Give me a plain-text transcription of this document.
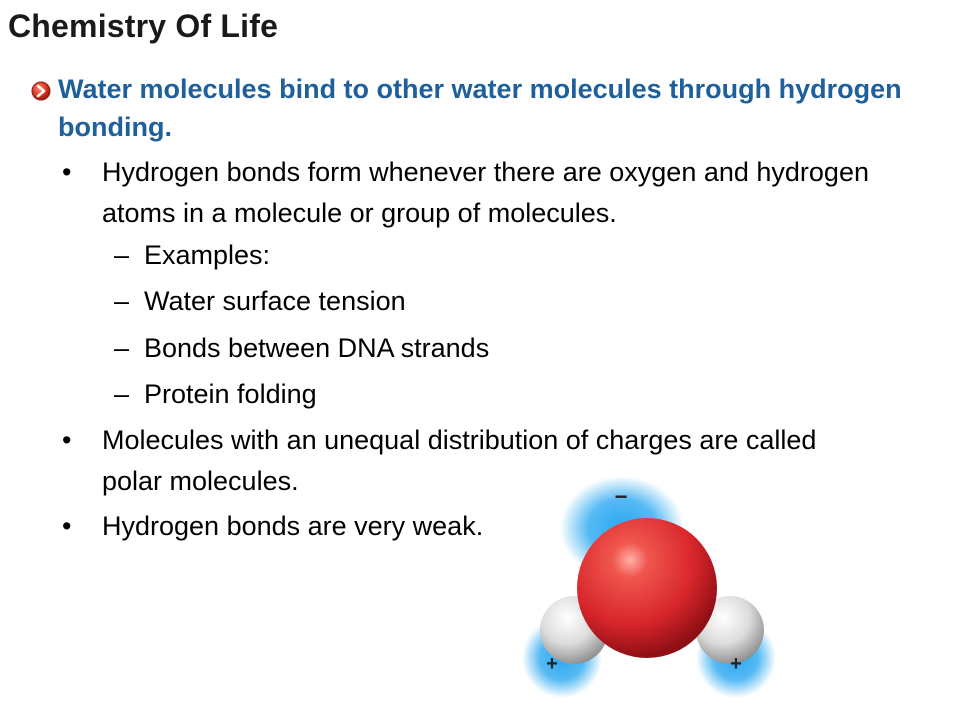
Chemistry Of Life
Water molecules bind to other water molecules through hydrogen bonding.
• Hydrogen bonds form whenever there are oxygen and hydrogen atoms in a molecule or group of molecules.
– Examples:
– Water surface tension
– Bonds between DNA strands
– Protein folding
• Molecules with an unequal distribution of charges are called polar molecules.
• Hydrogen bonds are very weak.
−
+	+
